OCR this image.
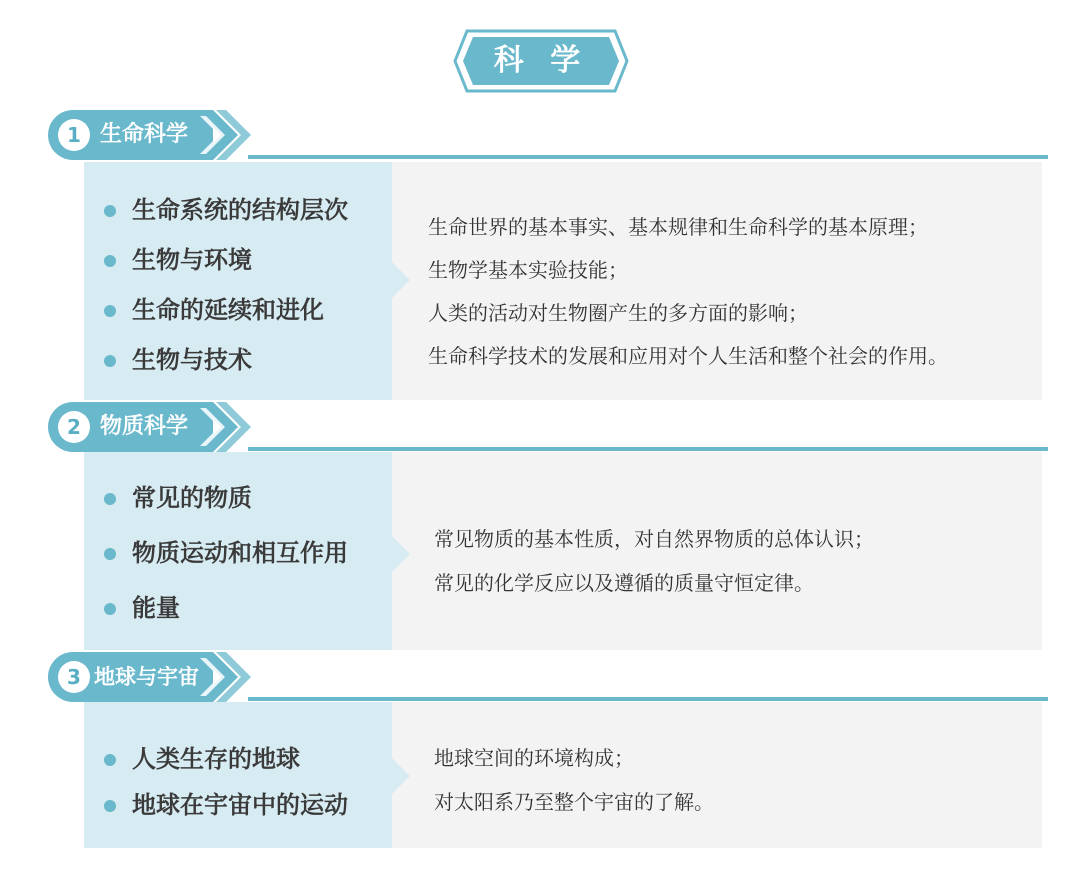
科 学
1 生命科学
生命系统的结构层次
生物与环境
生命的延续和进化
生物与技术
生命世界的基本事实、基本规律和生命科学的基本原理；
生物学基本实验技能；
人类的活动对生物圈产生的多方面的影响；
生命科学技术的发展和应用对个人生活和整个社会的作用。
2 物质科学
常见的物质
物质运动和相互作用
能量
常见物质的基本性质，对自然界物质的总体认识；
常见的化学反应以及遵循的质量守恒定律。
3 地球与宇宙
人类生存的地球
地球在宇宙中的运动
地球空间的环境构成；
对太阳系乃至整个宇宙的了解。
